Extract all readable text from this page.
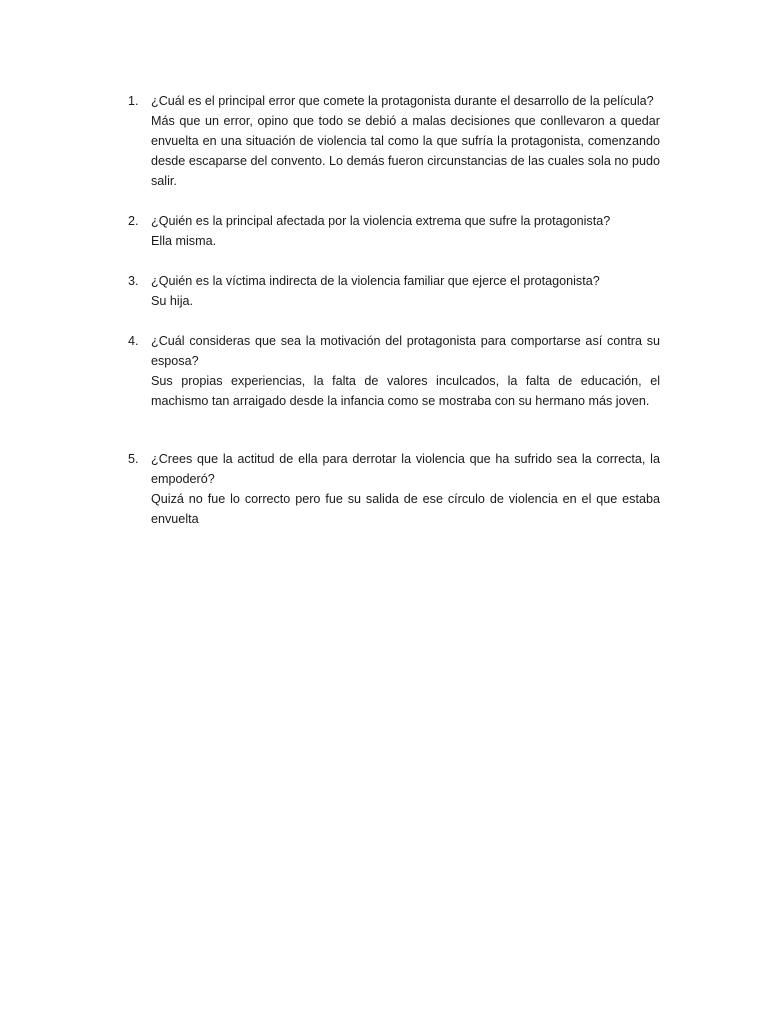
1. ¿Cuál es el principal error que comete la protagonista durante el desarrollo de la película?

Más que un error, opino que todo se debió a malas decisiones que conllevaron a quedar envuelta en una situación de violencia tal como la que sufría la protagonista, comenzando desde escaparse del convento. Lo demás fueron circunstancias de las cuales sola no pudo salir.

2. ¿Quién es la principal afectada por la violencia extrema que sufre la protagonista?

Ella misma.

3. ¿Quién es la víctima indirecta de la violencia familiar que ejerce el protagonista?

Su hija.

4. ¿Cuál consideras que sea la motivación del protagonista para comportarse así contra su esposa?

Sus propias experiencias, la falta de valores inculcados, la falta de educación, el machismo tan arraigado desde la infancia como se mostraba con su hermano más joven.

5. ¿Crees que la actitud de ella para derrotar la violencia que ha sufrido sea la correcta, la empoderó?

Quizá no fue lo correcto pero fue su salida de ese círculo de violencia en el que estaba envuelta
